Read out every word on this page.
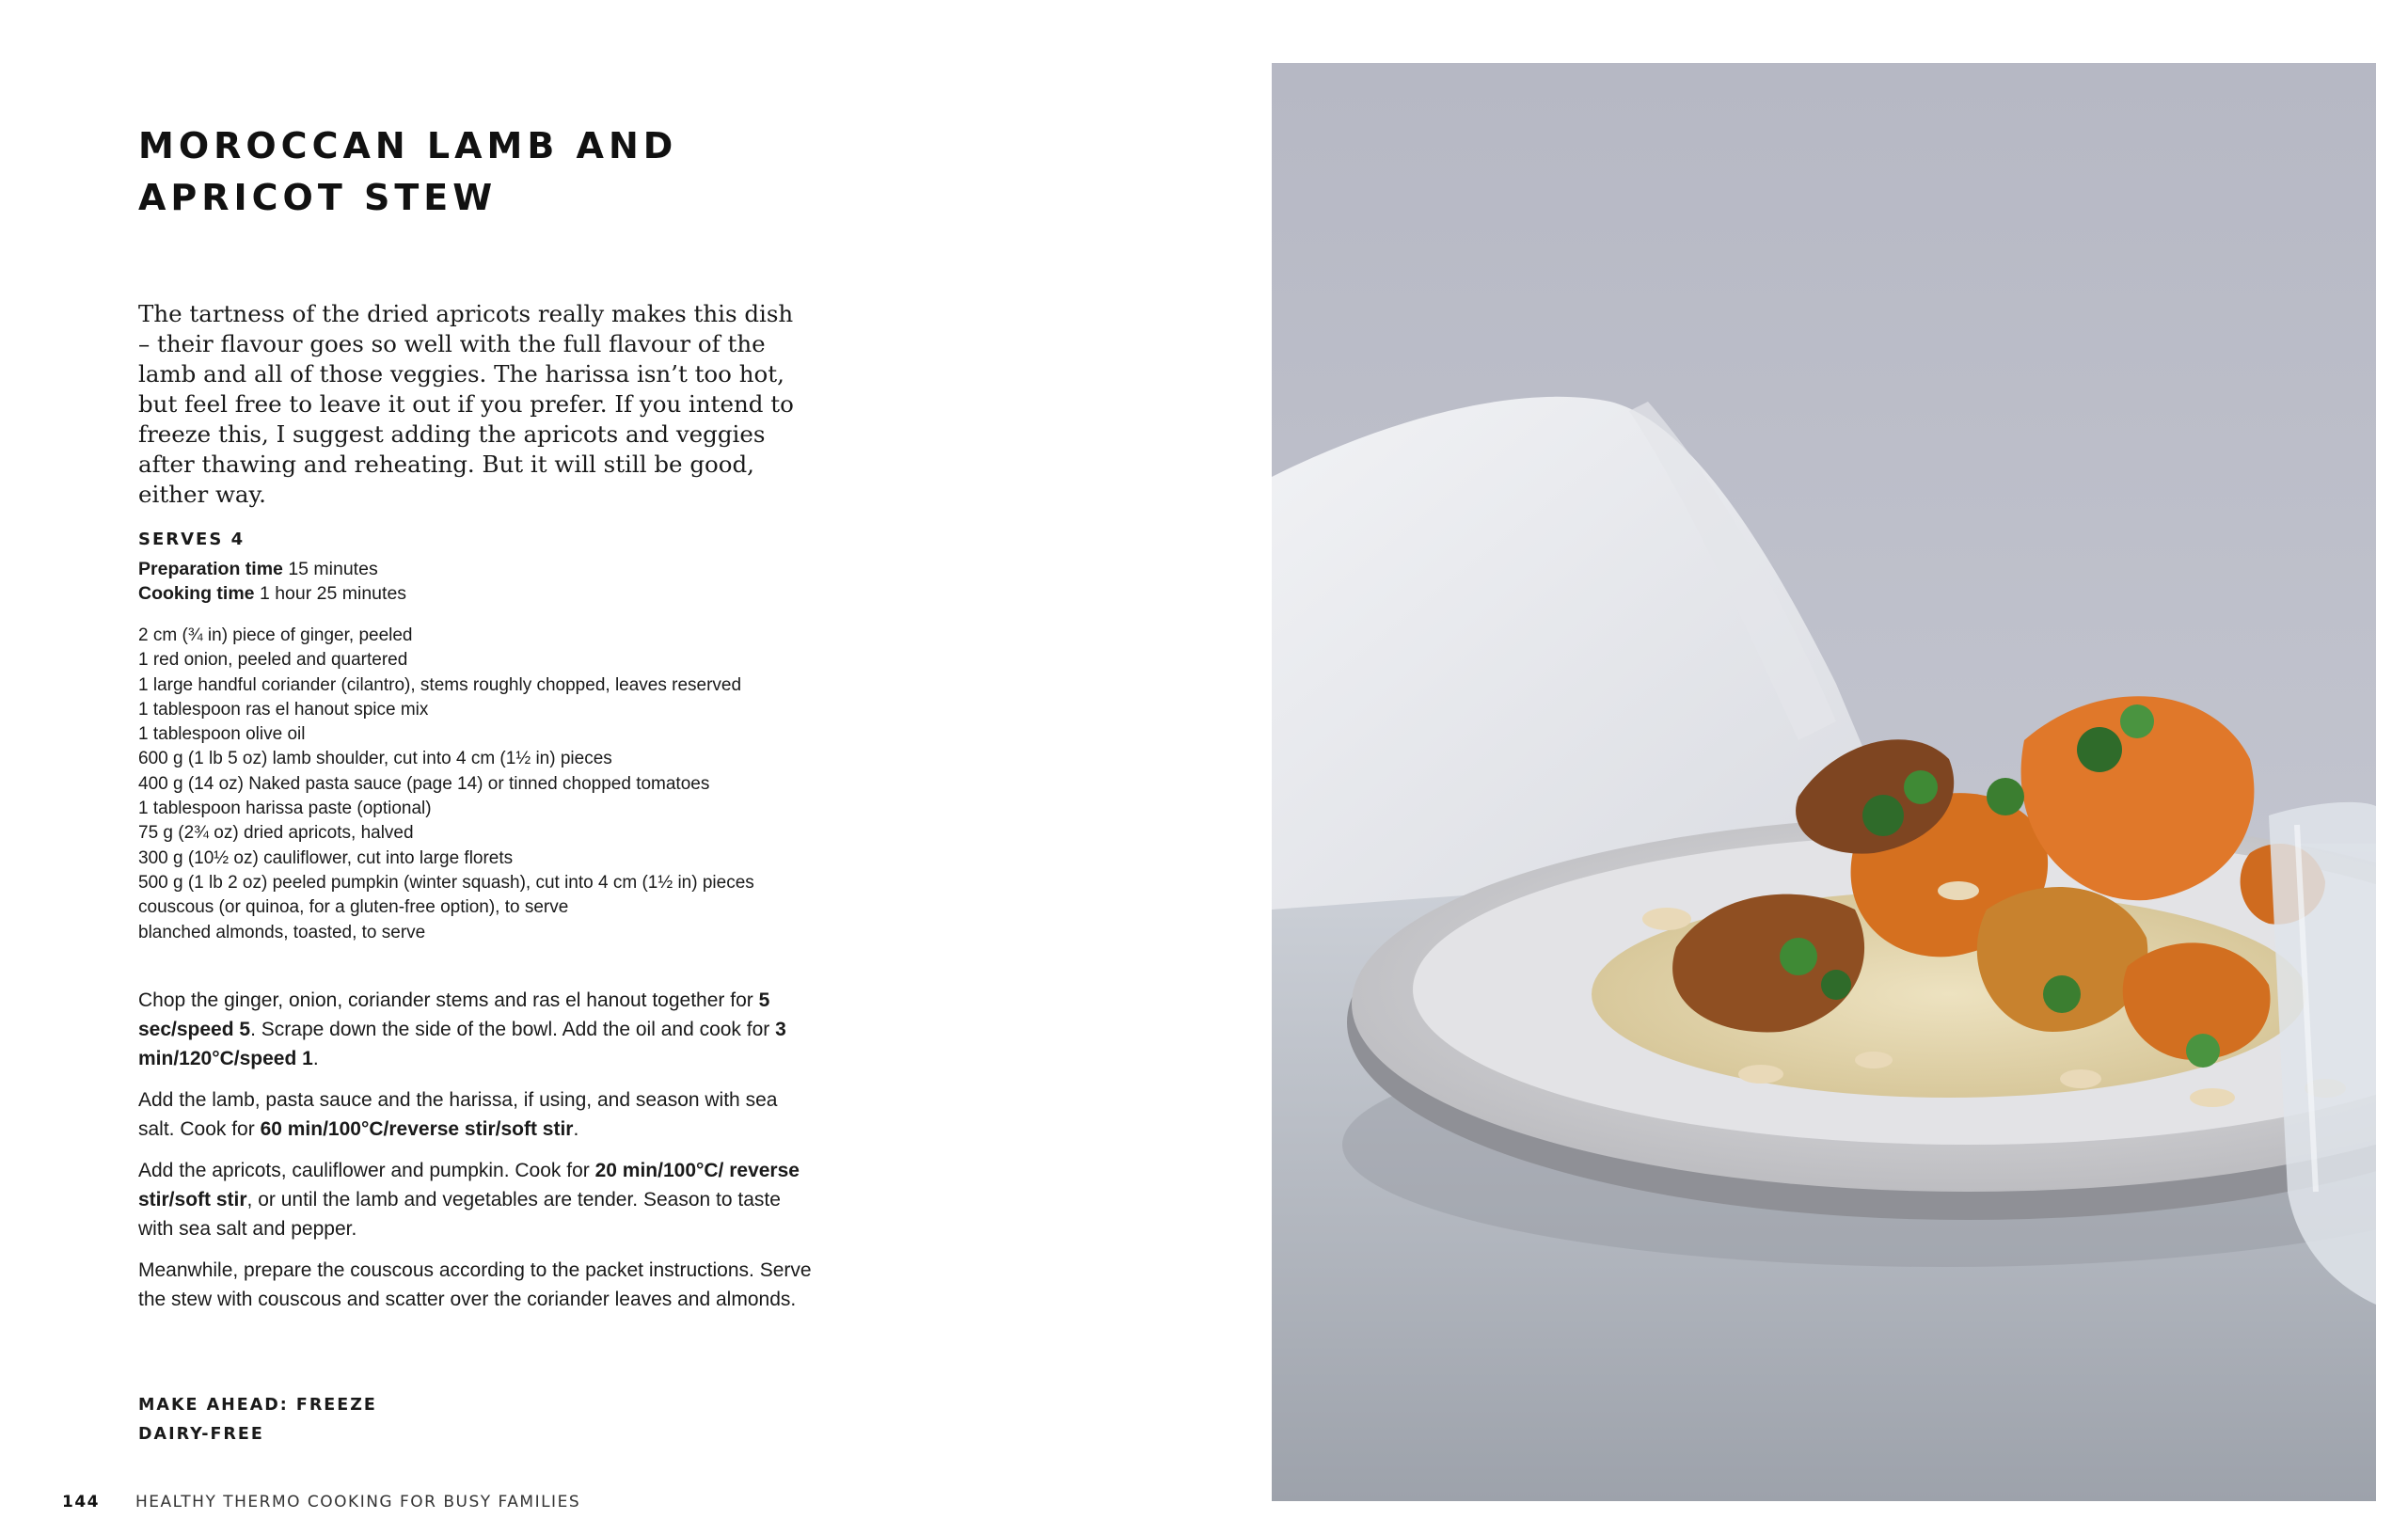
MOROCCAN LAMB AND
APRICOT STEW

The tartness of the dried apricots really makes this dish – their flavour goes so well with the full flavour of the lamb and all of those veggies. The harissa isn’t too hot, but feel free to leave it out if you prefer. If you intend to freeze this, I suggest adding the apricots and veggies after thawing and reheating. But it will still be good, either way.

SERVES 4
Preparation time 15 minutes
Cooking time 1 hour 25 minutes
2 cm (¾ in) piece of ginger, peeled
1 red onion, peeled and quartered
1 large handful coriander (cilantro), stems roughly chopped, leaves reserved
1 tablespoon ras el hanout spice mix
1 tablespoon olive oil
600 g (1 lb 5 oz) lamb shoulder, cut into 4 cm (1½ in) pieces
400 g (14 oz) Naked pasta sauce (page 14) or tinned chopped tomatoes
1 tablespoon harissa paste (optional)
75 g (2¾ oz) dried apricots, halved
300 g (10½ oz) cauliflower, cut into large florets
500 g (1 lb 2 oz) peeled pumpkin (winter squash), cut into 4 cm (1½ in) pieces
couscous (or quinoa, for a gluten-free option), to serve
blanched almonds, toasted, to serve

Chop the ginger, onion, coriander stems and ras el hanout together for 5 sec/speed 5. Scrape down the side of the bowl. Add the oil and cook for 3 min/120°C/speed 1.

Add the lamb, pasta sauce and the harissa, if using, and season with sea salt. Cook for 60 min/100°C/reverse stir/soft stir.

Add the apricots, cauliflower and pumpkin. Cook for 20 min/100°C/ reverse stir/soft stir, or until the lamb and vegetables are tender. Season to taste with sea salt and pepper.

Meanwhile, prepare the couscous according to the packet instructions. Serve the stew with couscous and scatter over the coriander leaves and almonds.

MAKE AHEAD: FREEZE
DAIRY-FREE
144 HEALTHY THERMO COOKING FOR BUSY FAMILIES
